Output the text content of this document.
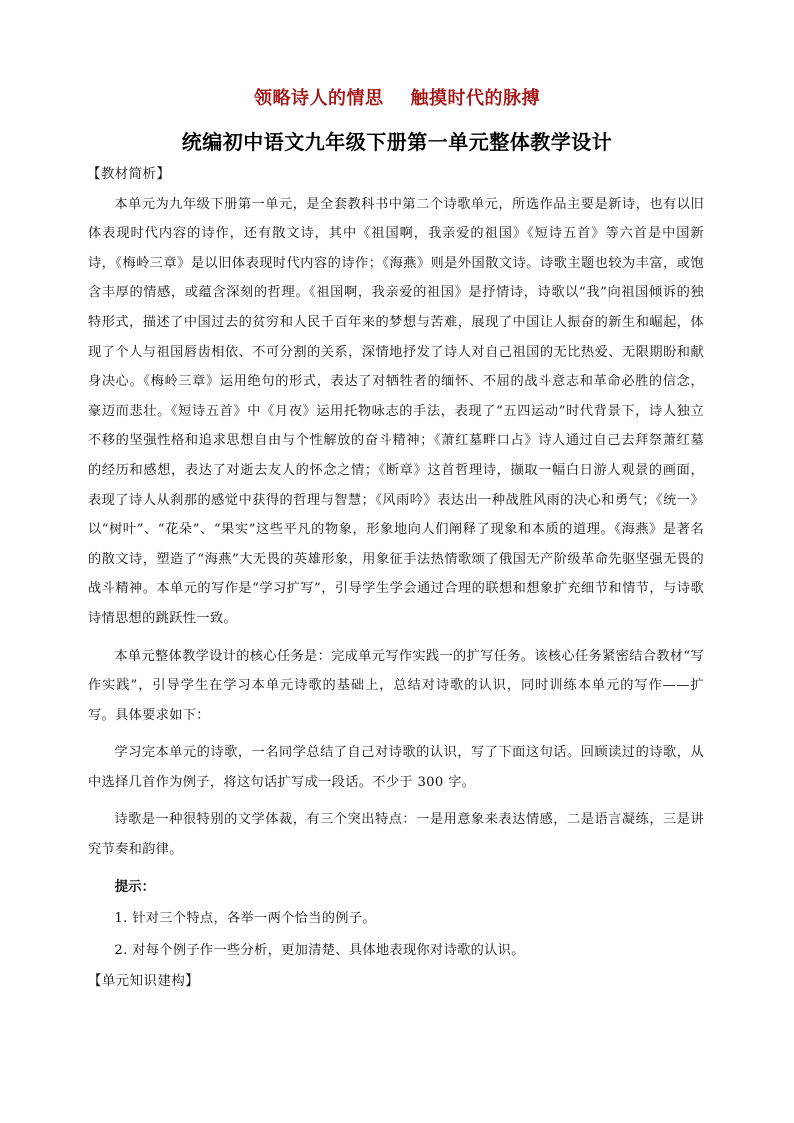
领略诗人的情思 触摸时代的脉搏
统编初中语文九年级下册第一单元整体教学设计
【教材简析】

本单元为九年级下册第一单元，是全套教科书中第二个诗歌单元，所选作品主要是新诗，也有以旧体表现时代内容的诗作，还有散文诗，其中《祖国啊，我亲爱的祖国》《短诗五首》等六首是中国新诗，《梅岭三章》是以旧体表现时代内容的诗作；《海燕》则是外国散文诗。诗歌主题也较为丰富，或饱含丰厚的情感，或蕴含深刻的哲理。《祖国啊，我亲爱的祖国》是抒情诗，诗歌以“我”向祖国倾诉的独特形式，描述了中国过去的贫穷和人民千百年来的梦想与苦难，展现了中国让人振奋的新生和崛起，体现了个人与祖国唇齿相依、不可分割的关系，深情地抒发了诗人对自己祖国的无比热爱、无限期盼和献身决心。《梅岭三章》运用绝句的形式，表达了对牺牲者的缅怀、不屈的战斗意志和革命必胜的信念，豪迈而悲壮。《短诗五首》中《月夜》运用托物咏志的手法，表现了“五四运动”时代背景下，诗人独立不移的坚强性格和追求思想自由与个性解放的奋斗精神；《萧红墓畔口占》诗人通过自己去拜祭萧红墓的经历和感想，表达了对逝去友人的怀念之情；《断章》这首哲理诗，撷取一幅白日游人观景的画面，表现了诗人从刹那的感觉中获得的哲理与智慧；《风雨吟》表达出一种战胜风雨的决心和勇气；《统一》以“树叶”、“花朵”、“果实”这些平凡的物象，形象地向人们阐释了现象和本质的道理。《海燕》是著名的散文诗，塑造了“海燕”大无畏的英雄形象，用象征手法热情歌颂了俄国无产阶级革命先驱坚强无畏的战斗精神。本单元的写作是“学习扩写”，引导学生学会通过合理的联想和想象扩充细节和情节，与诗歌诗情思想的跳跃性一致。

本单元整体教学设计的核心任务是：完成单元写作实践一的扩写任务。该核心任务紧密结合教材“写作实践”，引导学生在学习本单元诗歌的基础上，总结对诗歌的认识，同时训练本单元的写作——扩写。具体要求如下：

学习完本单元的诗歌，一名同学总结了自己对诗歌的认识，写了下面这句话。回顾读过的诗歌，从中选择几首作为例子，将这句话扩写成一段话。不少于 300 字。

诗歌是一种很特别的文学体裁，有三个突出特点：一是用意象来表达情感，二是语言凝练，三是讲究节奏和韵律。

提示：
1. 针对三个特点，各举一两个恰当的例子。
2. 对每个例子作一些分析，更加清楚、具体地表现你对诗歌的认识。
【单元知识建构】
